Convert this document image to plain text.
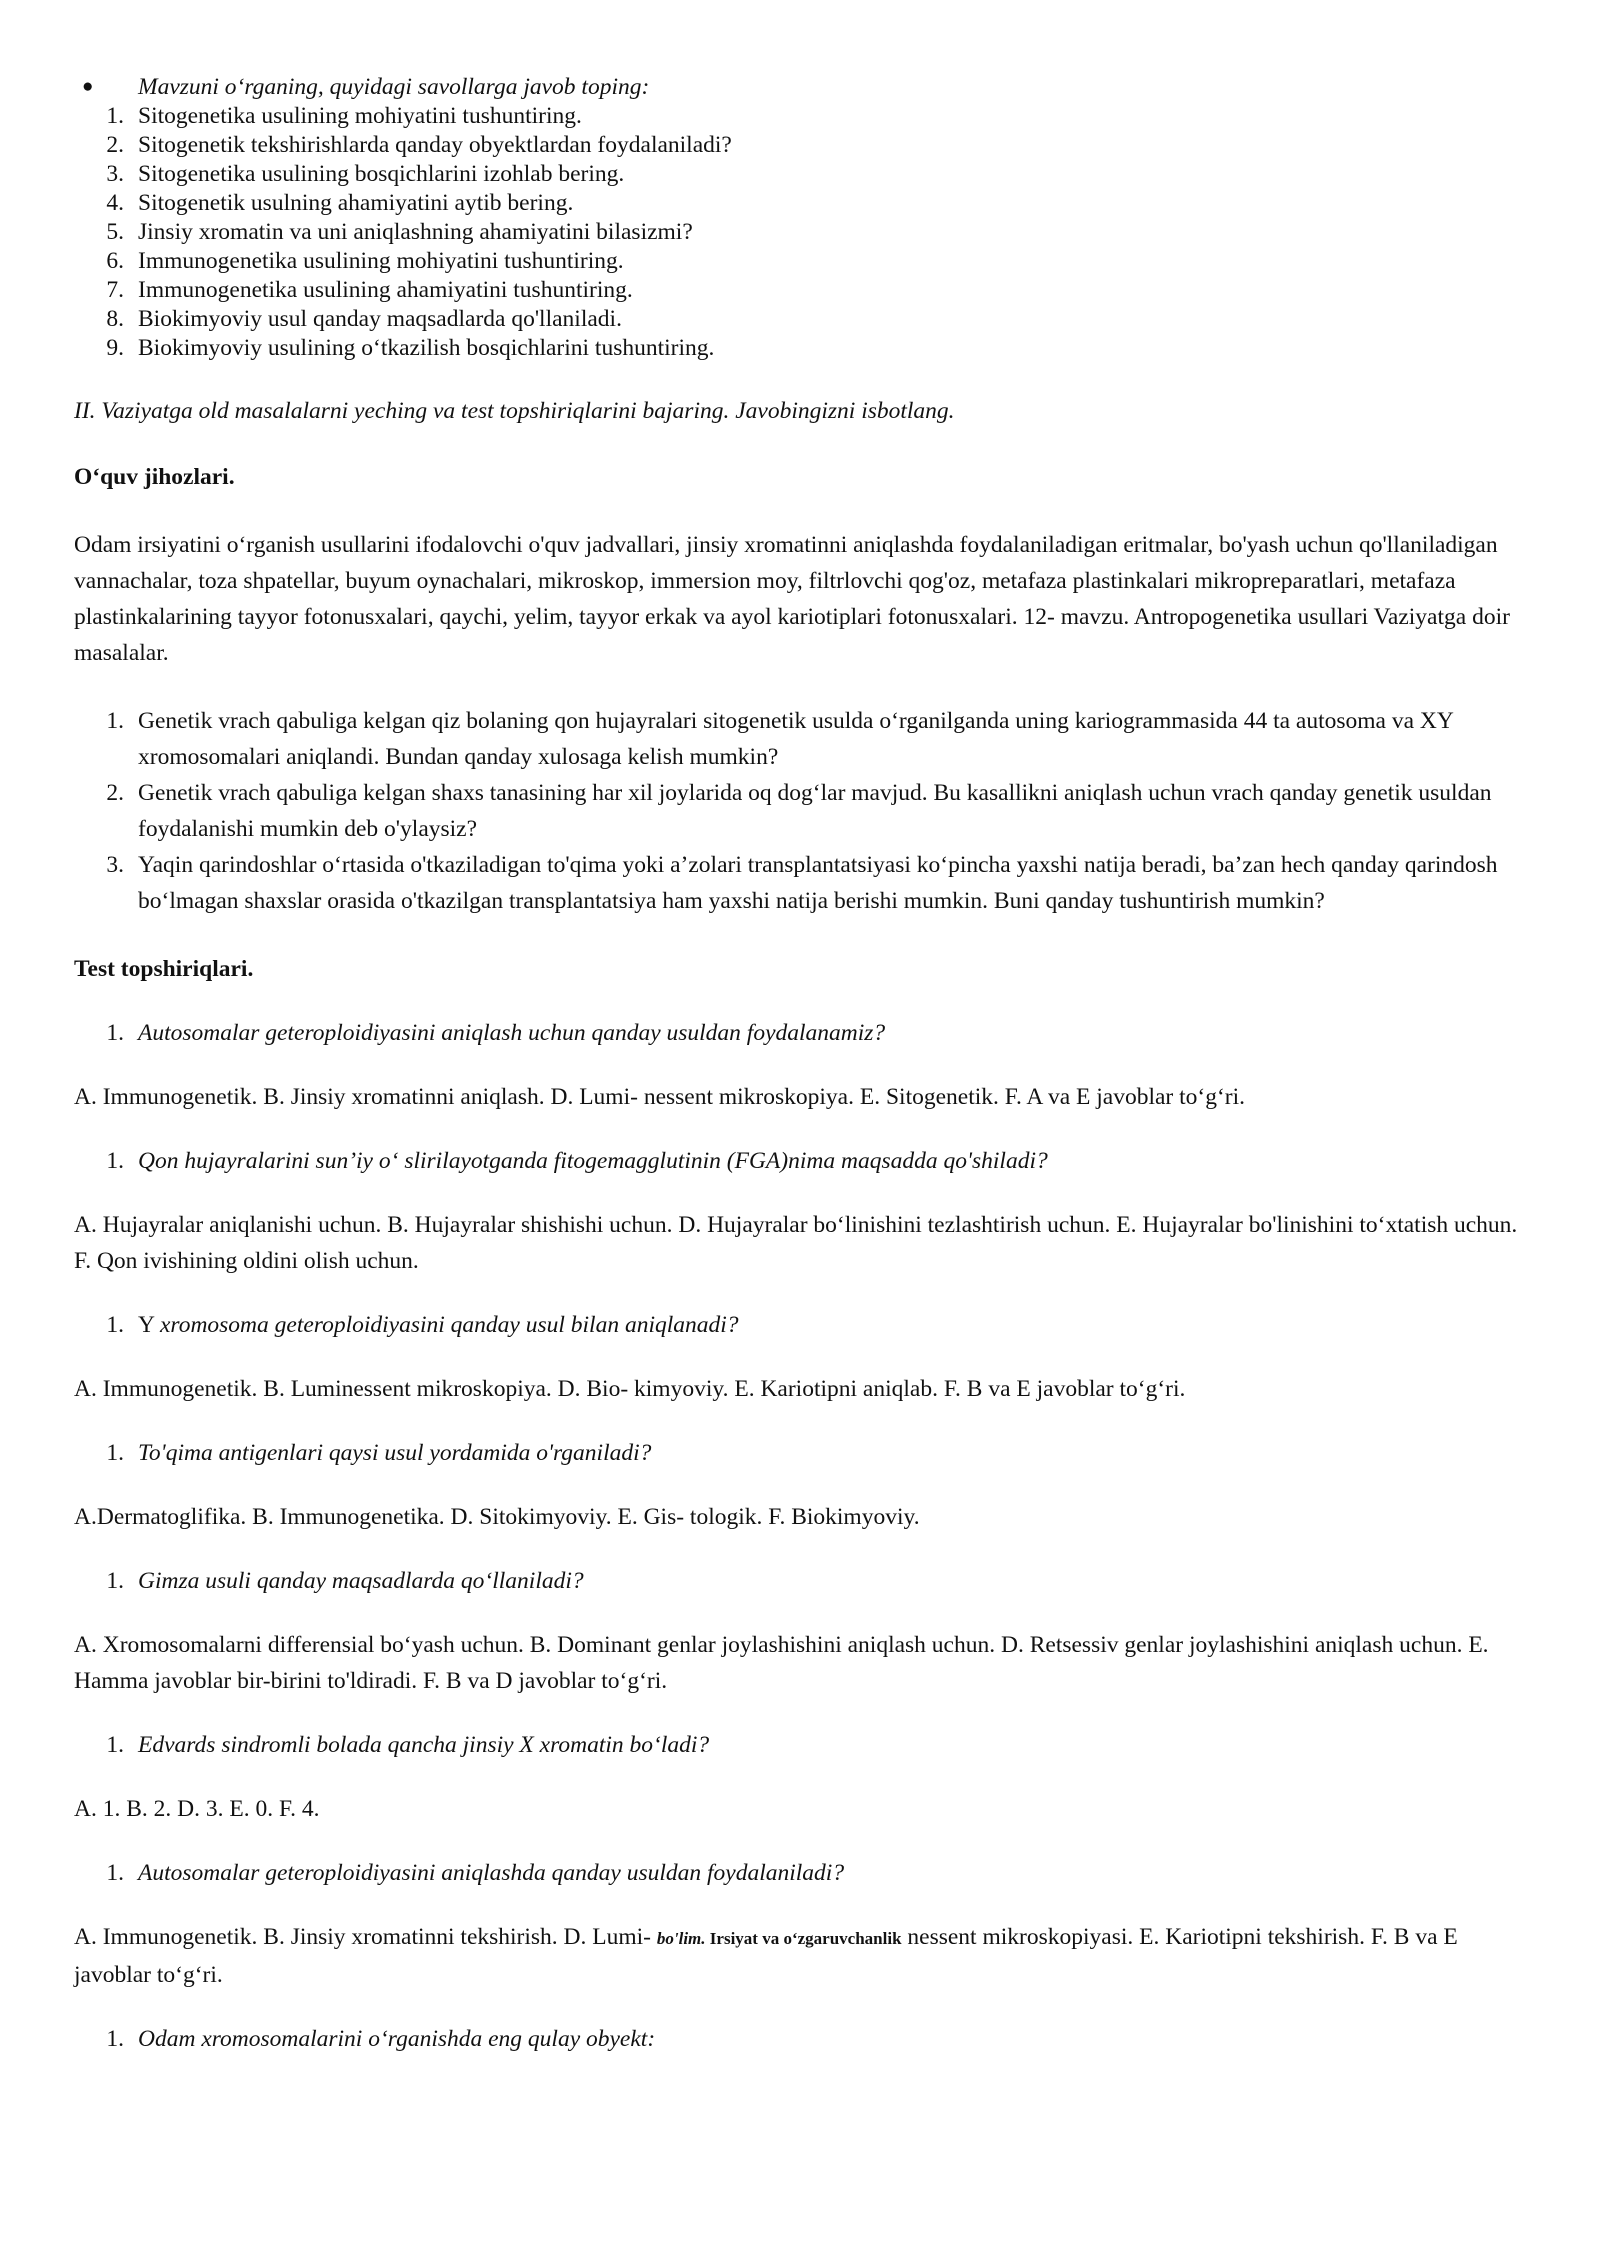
● Mavzuni o‘rganing, quyidagi savollarga javob toping:
1. Sitogenetika usulining mohiyatini tushuntiring.
2. Sitogenetik tekshirishlarda qanday obyektlardan foydalaniladi?
3. Sitogenetika usulining bosqichlarini izohlab bering.
4. Sitogenetik usulning ahamiyatini aytib bering.
5. Jinsiy xromatin va uni aniqlashning ahamiyatini bilasizmi?
6. Immunogenetika usulining mohiyatini tushuntiring.
7. Immunogenetika usulining ahamiyatini tushuntiring.
8. Biokimyoviy usul qanday maqsadlarda qo'llaniladi.
9. Biokimyoviy usulining o‘tkazilish bosqichlarini tushuntiring.
II. Vaziyatga old masalalarni yeching va test topshiriqlarini bajaring. Javobingizni isbotlang.
O‘quv jihozlari.
Odam irsiyatini o‘rganish usullarini ifodalovchi o'quv jadvallari, jinsiy xromatinni aniqlashda foydalaniladigan eritmalar, bo'yash uchun qo'llaniladigan vannachalar, toza shpatellar, buyum oynachalari, mikroskop, immersion moy, filtrlovchi qog'oz, metafaza plastinkalari mikropreparatlari, metafaza plastinkalarining tayyor fotonusxalari, qaychi, yelim, tayyor erkak va ayol kariotiplari fotonusxalari. 12- mavzu. Antropogenetika usullari Vaziyatga doir masalalar.
1. Genetik vrach qabuliga kelgan qiz bolaning qon hujayralari sitogenetik usulda o‘rganilganda uning kariogrammasida 44 ta autosoma va XY xromosomalari aniqlandi. Bundan qanday xulosaga kelish mumkin?
2. Genetik vrach qabuliga kelgan shaxs tanasining har xil joylarida oq dog‘lar mavjud. Bu kasallikni aniqlash uchun vrach qanday genetik usuldan foydalanishi mumkin deb o'ylaysiz?
3. Yaqin qarindoshlar o‘rtasida o'tkaziladigan to'qima yoki a’zolari transplantatsiyasi ko‘pincha yaxshi natija beradi, ba’zan hech qanday qarindosh bo‘lmagan shaxslar orasida o'tkazilgan transplantatsiya ham yaxshi natija berishi mumkin. Buni qanday tushuntirish mumkin?
Test topshiriqlari.
1. Autosomalar geteroploidiyasini aniqlash uchun qanday usuldan foydalanamiz?
A. Immunogenetik. B. Jinsiy xromatinni aniqlash. D. Lumi- nessent mikroskopiya. E. Sitogenetik. F. A va E javoblar to‘g‘ri.
1. Qon hujayralarini sun’iy o‘ slirilayotganda fitogemagglutinin (FGA)nima maqsadda qo'shiladi?
A. Hujayralar aniqlanishi uchun. B. Hujayralar shishishi uchun. D. Hujayralar bo‘linishini tezlashtirish uchun. E. Hujayralar bo'linishini to‘xtatish uchun. F. Qon ivishining oldini olish uchun.
1. Y xromosoma geteroploidiyasini qanday usul bilan aniqlanadi?
A. Immunogenetik. B. Luminessent mikroskopiya. D. Bio- kimyoviy. E. Kariotipni aniqlab. F. B va E javoblar to‘g‘ri.
1. To'qima antigenlari qaysi usul yordamida o'rganiladi?
A.Dermatoglifika. B. Immunogenetika. D. Sitokimyoviy. E. Gis- tologik. F. Biokimyoviy.
1. Gimza usuli qanday maqsadlarda qo‘llaniladi?
A. Xromosomalarni differensial bo‘yash uchun. B. Dominant genlar joylashishini aniqlash uchun. D. Retsessiv genlar joylashishini aniqlash uchun. E. Hamma javoblar bir-birini to'ldiradi. F. B va D javoblar to‘g‘ri.
1. Edvards sindromli bolada qancha jinsiy X xromatin bo‘ladi?
A. 1. B. 2. D. 3. E. 0. F. 4.
1. Autosomalar geteroploidiyasini aniqlashda qanday usuldan foydalaniladi?
A. Immunogenetik. B. Jinsiy xromatinni tekshirish. D. Lumi- bo'lim. Irsiyat va o‘zgaruvchanlik nessent mikroskopiyasi. E. Kariotipni tekshirish. F. B va E javoblar to‘g‘ri.
1. Odam xromosomalarini o‘rganishda eng qulay obyekt:
